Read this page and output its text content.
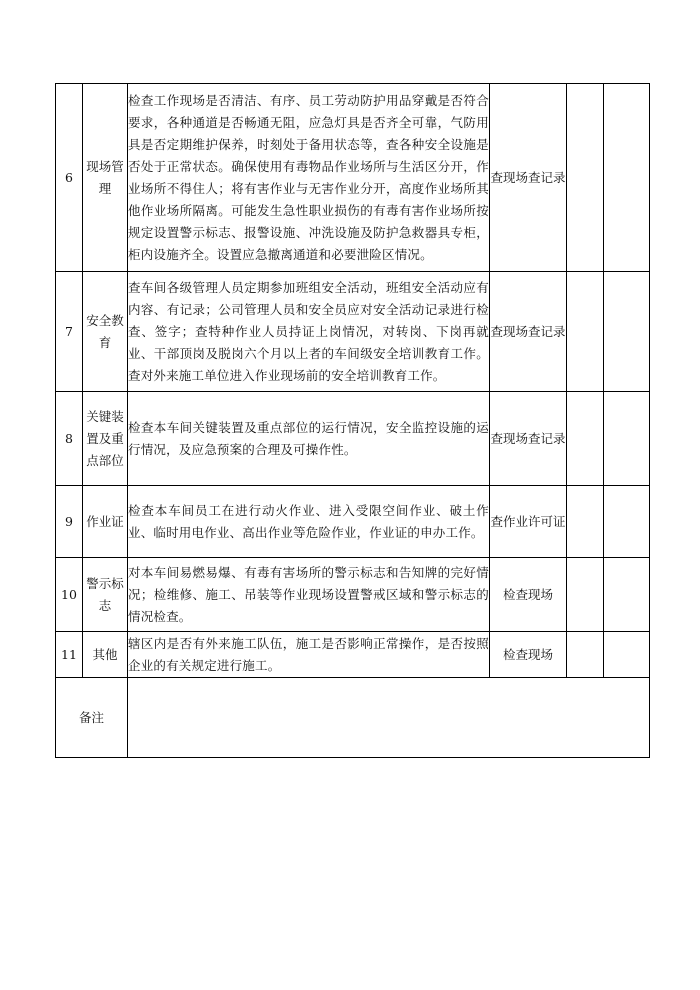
6	现场管理	检查工作现场是否清洁、有序、员工劳动防护用品穿戴是否符合要求，各种通道是否畅通无阻，应急灯具是否齐全可靠，气防用具是否定期维护保养，时刻处于备用状态等，查各种安全设施是否处于正常状态。确保使用有毒物品作业场所与生活区分开，作业场所不得住人；将有害作业与无害作业分开，高度作业场所其他作业场所隔离。可能发生急性职业损伤的有毒有害作业场所按规定设置警示标志、报警设施、冲洗设施及防护急救器具专柜，柜内设施齐全。设置应急撤离通道和必要泄险区情况。	查现场查记录		
7	安全教育	查车间各级管理人员定期参加班组安全活动，班组安全活动应有内容、有记录；公司管理人员和安全员应对安全活动记录进行检查、签字；查特种作业人员持证上岗情况，对转岗、下岗再就业、干部顶岗及脱岗六个月以上者的车间级安全培训教育工作。查对外来施工单位进入作业现场前的安全培训教育工作。	查现场查记录		
8	关键装置及重点部位	检查本车间关键装置及重点部位的运行情况，安全监控设施的运行情况，及应急预案的合理及可操作性。	查现场查记录		
9	作业证	检查本车间员工在进行动火作业、进入受限空间作业、破土作业、临时用电作业、高出作业等危险作业，作业证的申办工作。	查作业许可证		
10	警示标志	对本车间易燃易爆、有毒有害场所的警示标志和告知牌的完好情况；检维修、施工、吊装等作业现场设置警戒区域和警示标志的情况检查。	检查现场		
11	其他	辖区内是否有外来施工队伍，施工是否影响正常操作，是否按照企业的有关规定进行施工。	检查现场		
备注					
